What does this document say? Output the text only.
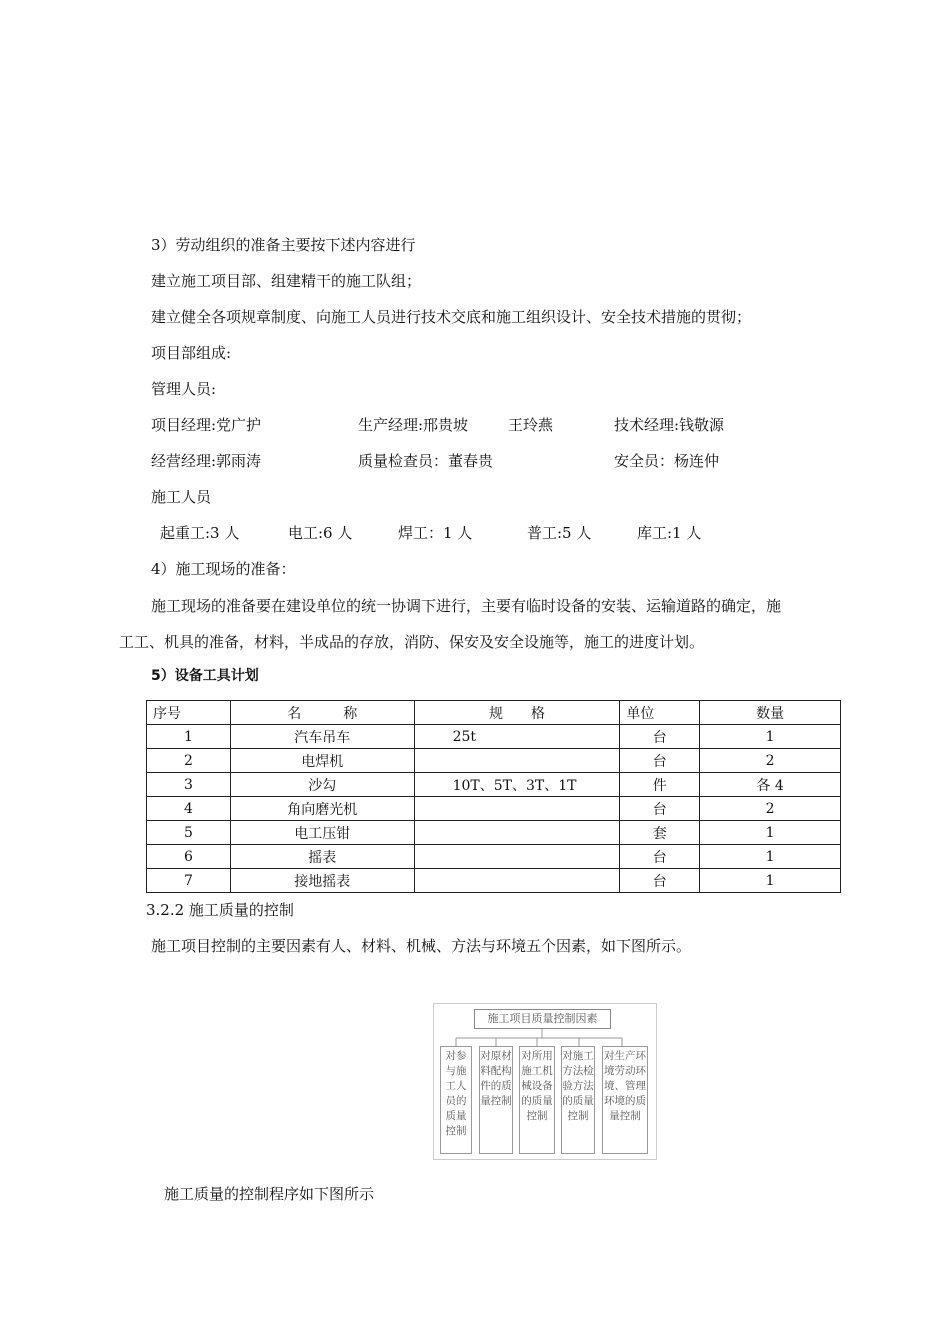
3）劳动组织的准备主要按下述内容进行
建立施工项目部、组建精干的施工队组；
建立健全各项规章制度、向施工人员进行技术交底和施工组织设计、安全技术措施的贯彻；
项目部组成:
管理人员:
项目经理:党广护	生产经理:邢贵坡	王玲燕	技术经理:钱敬源
经营经理:郭雨涛	质量检查员：董春贵	安全员：杨连仲
施工人员
起重工:3 人	电工:6 人	焊工：1 人	普工:5 人	库工:1 人
4）施工现场的准备：
施工现场的准备要在建设单位的统一协调下进行，主要有临时设备的安装、运输道路的确定，施
工工、机具的准备，材料，半成品的存放，消防、保安及安全设施等，施工的进度计划。
5）设备工具计划
序号	名　　　称	规　　格	单位	数量
1	汽车吊车	25t	台	1
2	电焊机		台	2
3	沙勾	10T、5T、3T、1T	件	各 4
4	角向磨光机		台	2
5	电工压钳		套	1
6	摇表		台	1
7	接地摇表		台	1
3.2.2 施工质量的控制
施工项目控制的主要因素有人、材料、机械、方法与环境五个因素，如下图所示。
施工项目质量控制因素
对参与施工人员的质量控制
对原材料配构件的质量控制
对所用施工机械设备的质量控制
对施工方法检验方法的质量控制
对生产环境劳动环境、管理环境的质量控制
施工质量的控制程序如下图所示
